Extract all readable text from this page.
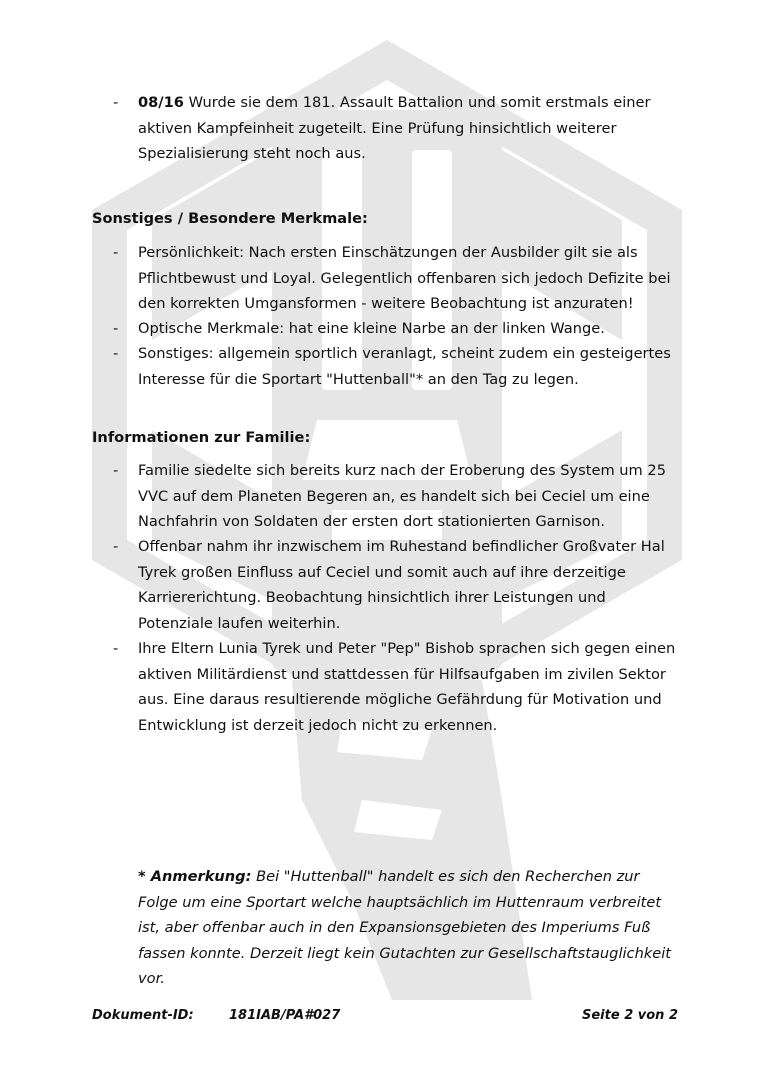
-	08/16 Wurde sie dem 181. Assault Battalion und somit erstmals einer aktiven Kampfeinheit zugeteilt. Eine Prüfung hinsichtlich weiterer Spezialisierung steht noch aus.
Sonstiges / Besondere Merkmale:
-	Persönlichkeit: Nach ersten Einschätzungen der Ausbilder gilt sie als Pflichtbewust und Loyal. Gelegentlich offenbaren sich jedoch Defizite bei den korrekten Umgansformen - weitere Beobachtung ist anzuraten!
-	Optische Merkmale: hat eine kleine Narbe an der linken Wange.
-	Sonstiges: allgemein sportlich veranlagt, scheint zudem ein gesteigertes Interesse für die Sportart "Huttenball"* an den Tag zu legen.
Informationen zur Familie:
-	Familie siedelte sich bereits kurz nach der Eroberung des System um 25 VVC auf dem Planeten Begeren an, es handelt sich bei Ceciel um eine Nachfahrin von Soldaten der ersten dort stationierten Garnison.
-	Offenbar nahm ihr inzwischem im Ruhestand befindlicher Großvater Hal Tyrek großen Einfluss auf Ceciel und somit auch auf ihre derzeitige Karriererichtung. Beobachtung hinsichtlich ihrer Leistungen und Potenziale laufen weiterhin.
-	Ihre Eltern Lunia Tyrek und Peter "Pep" Bishob sprachen sich gegen einen aktiven Militärdienst und stattdessen für Hilfsaufgaben im zivilen Sektor aus. Eine daraus resultierende mögliche Gefährdung für Motivation und Entwicklung ist derzeit jedoch nicht zu erkennen.
* Anmerkung: Bei "Huttenball" handelt es sich den Recherchen zur Folge um eine Sportart welche hauptsächlich im Huttenraum verbreitet ist, aber offenbar auch in den Expansionsgebieten des Imperiums Fuß fassen konnte. Derzeit liegt kein Gutachten zur Gesellschaftstauglichkeit vor.
Dokument-ID:	181IAB/PA#027	Seite 2 von 2
